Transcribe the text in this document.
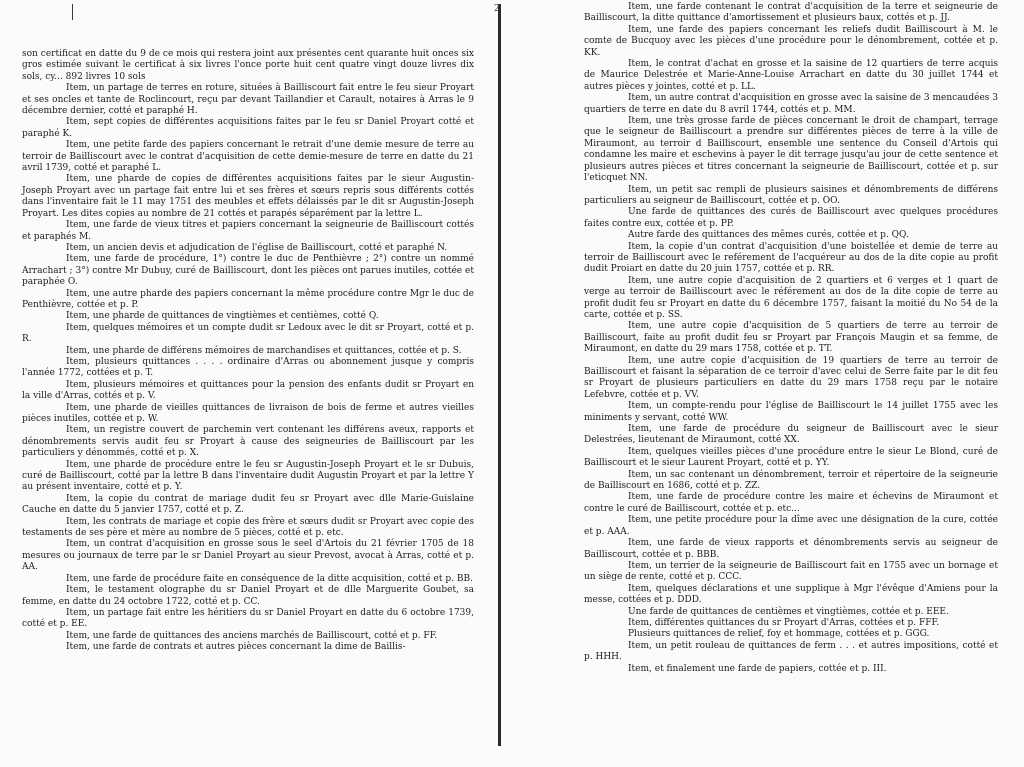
son certificat en datte du 9 de ce mois qui restera joint aux présentes cent quarante huit onces six gros estimée suivant le certificat à six livres l'once porte huit cent quatre vingt douze livres dix sols, cy... 892 livres 10 sols

Item, un partage de terres en roture, situées à Bailliscourt fait entre le feu sieur Proyart et ses oncles et tante de Roclincourt, reçu par devant Taillandier et Carault, notaires à Arras le 9 décembre dernier, cotté et paraphé H.

Item, sept copies de différentes acquisitions faites par le feu sr Daniel Proyart cotté et paraphé K.

Item, une petite farde des papiers concernant le retrait d'une demie mesure de terre au terroir de Bailliscourt avec le contrat d'acquisition de cette demie-mesure de terre en datte du 21 avril 1739, cotté et paraphé L.

Item, une pharde de copies de différentes acquisitions faites par le sieur Augustin-Joseph Proyart avec un partage fait entre lui et ses frères et sœurs repris sous différents cottés dans l'inventaire fait le 11 may 1751 des meubles et effets délaissés par le dit sr Augustin-Joseph Proyart. Les dites copies au nombre de 21 cottés et parapés séparément par la lettre L.

Item, une farde de vieux titres et papiers concernant la seigneurie de Bailliscourt cottés et paraphés M.

Item, un ancien devis et adjudication de l'église de Bailliscourt, cotté et paraphé N.

Item, une farde de procédure, 1°) contre le duc de Penthièvre ; 2°) contre un nommé Arrachart ; 3°) contre Mr Dubuy, curé de Bailliscourt, dont les pièces ont parues inutiles, cottée et paraphée O.

Item, une autre pharde des papiers concernant la même procédure contre Mgr le duc de Penthièvre, cottée et p. P.

Item, une pharde de quittances de vingtièmes et centièmes, cotté Q.

Item, quelques mémoires et un compte dudit sr Ledoux avec le dit sr Proyart, cotté et p. R.

Item, une pharde de différens mémoires de marchandises et quittances, cottée et p. S.

Item, plusieurs quittances . . . . ordinaire d'Arras ou abonnement jusque y compris l'année 1772, cottées et p. T.

Item, plusieurs mémoires et quittances pour la pension des enfants dudit sr Proyart en la ville d'Arras, cottés et p. V.

Item, une pharde de vieilles quittances de livraison de bois de ferme et autres vieilles pièces inutiles, cottée et p. W.

Item, un registre couvert de parchemin vert contenant les différens aveux, rapports et dénombrements servis audit feu sr Proyart à cause des seigneuries de Bailliscourt par les particuliers y dénommés, cotté et p. X.

Item, une pharde de procédure entre le feu sr Augustin-Joseph Proyart et le sr Dubuis, curé de Bailliscourt, cotté par la lettre B dans l'inventaire dudit Augustin Proyart et par la lettre Y au présent inventaire, cotté et p. Y.

Item, la copie du contrat de mariage dudit feu sr Proyart avec dlle Marie-Guislaine Cauche en datte du 5 janvier 1757, cotté et p. Z.

Item, les contrats de mariage et copie des frère et sœurs dudit sr Proyart avec copie des testaments de ses père et mère au nombre de 5 pièces, cotté et p. etc.

Item, un contrat d'acquisition en grosse sous le seel d'Artois du 21 février 1705 de 18 mesures ou journaux de terre par le sr Daniel Proyart au sieur Prevost, avocat à Arras, cotté et p. AA.

Item, une farde de procédure faite en conséquence de la ditte acquisition, cotté et p. BB.

Item, le testament olographe du sr Daniel Proyart et de dlle Marguerite Goubet, sa femme, en datte du 24 octobre 1722, cotté et p. CC.

Item, un partage fait entre les héritiers du sr Daniel Proyart en datte du 6 octobre 1739, cotté et p. EE.

Item, une farde de quittances des anciens marchés de Bailliscourt, cotté et p. FF.

Item, une farde de contrats et autres pièces concernant la dime de Baillis-

2	Item, une farde contenant le contrat d'acquisition de la terre et seigneurie de Bailliscourt, la ditte quittance d'amortissement et plusieurs baux, cottés et p. JJ.

Item, une farde des papiers concernant les reliefs dudit Bailliscourt à M. le comte de Bucquoy avec les pièces d'une procédure pour le dénombrement, cottée et p. KK.

Item, le contrat d'achat en grosse et la saisine de 12 quartiers de terre acquis de Maurice Delestrée et Marie-Anne-Louise Arrachart en datte du 30 juillet 1744 et autres pièces y jointes, cotté et p. LL.

Item, un autre contrat d'acquisition en grosse avec la saisine de 3 mencaudées 3 quartiers de terre en date du 8 avril 1744, cottés et p. MM.

Item, une très grosse farde de pièces concernant le droit de champart, terrage que le seigneur de Bailliscourt a prendre sur différentes pièces de terre à la ville de Miraumont, au terroir d Bailliscourt, ensemble une sentence du Conseil d'Artois qui condamne les maire et eschevins à payer le dit terrage jusqu'au jour de cette sentence et plusieurs autres pièces et titres concernant la seigneurie de Bailliscourt, cottée et p. sur l'eticquet NN.

Item, un petit sac rempli de plusieurs saisines et dénombrements de différens particuliers au seigneur de Bailliscourt, cottée et p. OO.

Une farde de quittances des curés de Bailliscourt avec quelques procédures faites contre eux, cottée et p. PP.

Autre farde des quittances des mêmes curés, cottée et p. QQ.

Item, la copie d'un contrat d'acquisition d'une boistellée et demie de terre au terroir de Bailliscourt avec le reférement de l'acquéreur au dos de la dite copie au profit dudit Proiart en datte du 20 juin 1757, cottée et p. RR.

Item, une autre copie d'acquisition de 2 quartiers et 6 verges et 1 quart de verge au terroir de Bailliscourt avec le référement au dos de la dite copie de terre au profit dudit feu sr Proyart en datte du 6 décembre 1757, faisant la moitié du No 54 de la carte, cottée et p. SS.

Item, une autre copie d'acquisition de 5 quartiers de terre au terroir de Bailliscourt, faite au profit dudit feu sr Proyart par François Maugin et sa femme, de Miraumont, en datte du 29 mars 1758, cottée et p. TT.

Item, une autre copie d'acquisition de 19 quartiers de terre au terroir de Bailliscourt et faisant la séparation de ce terroir d'avec celui de Serre faite par le dit feu sr Proyart de plusieurs particuliers en datte du 29 mars 1758 reçu par le notaire Lefebvre, cottée et p. VV.

Item, un compte-rendu pour l'église de Bailliscourt le 14 juillet 1755 avec les miniments y servant, cotté WW.

Item, une farde de procédure du seigneur de Bailliscourt avec le sieur Delestrées, lieutenant de Miraumont, cotté XX.

Item, quelques vieilles pièces d'une procédure entre le sieur Le Blond, curé de Bailliscourt et le sieur Laurent Proyart, cotté et p. YY.

Item, un sac contenant un dénombrement, terroir et répertoire de la seigneurie de Bailliscourt en 1686, cotté et p. ZZ.

Item, une farde de procédure contre les maire et échevins de Miraumont et contre le curé de Bailliscourt, cottée et p. etc...

Item, une petite procédure pour la dîme avec une désignation de la cure, cottée et p. AAA.

Item, une farde de vieux rapports et dénombrements servis au seigneur de Bailliscourt, cottée et p. BBB.

Item, un terrier de la seigneurie de Bailliscourt fait en 1755 avec un bornage et un siège de rente, cotté et p. CCC.

Item, quelques déclarations et une supplique à Mgr l'évêque d'Amiens pour la messe, cottées et p. DDD.

Une farde de quittances de centièmes et vingtièmes, cottée et p. EEE.

Item, différentes quittances du sr Proyart d'Arras, cottées et p. FFF.

Plusieurs quittances de relief, foy et hommage, cottées et p. GGG.

Item, un petit rouleau de quittances de ferm . . . et autres impositions, cotté et p. HHH.

Item, et finalement une farde de papiers, cottée et p. III.
